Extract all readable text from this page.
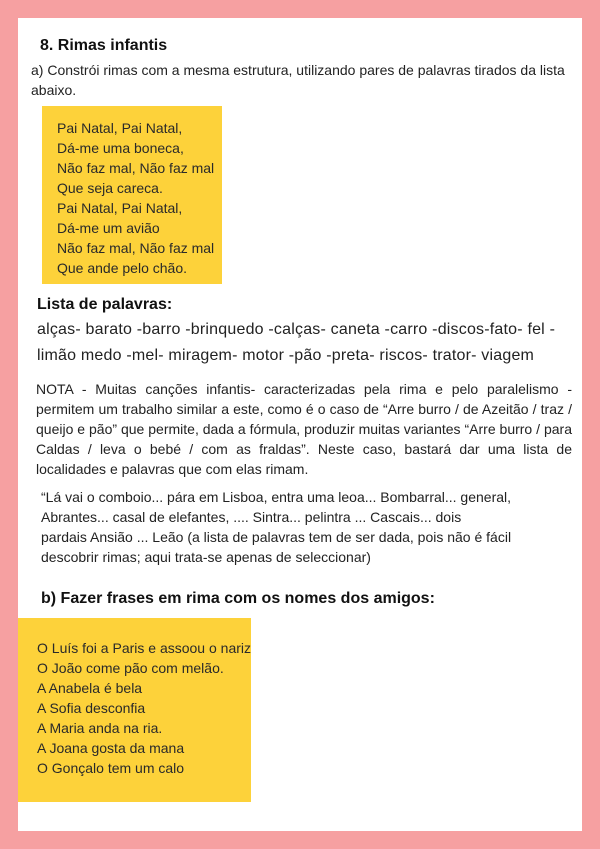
8. Rimas infantis
a) Constrói rimas com a mesma estrutura, utilizando pares de palavras tirados da lista abaixo.
Pai Natal, Pai Natal,
Dá-me uma boneca,
Não faz mal, Não faz mal
Que seja careca.
Pai Natal, Pai Natal,
Dá-me um avião
Não faz mal, Não faz mal
Que ande pelo chão.
Lista de palavras:
alças- barato -barro -brinquedo -calças- caneta -carro -discos-fato- fel -
limão medo -mel- miragem- motor -pão -preta- riscos- trator- viagem
NOTA - Muitas canções infantis- caracterizadas pela rima e pelo paralelismo - permitem um trabalho similar a este, como é o caso de “Arre burro / de Azeitão / traz / queijo e pão” que permite, dada a fórmula, produzir muitas variantes “Arre burro / para Caldas / leva o bebé / com as fraldas”. Neste caso, bastará dar uma lista de localidades e palavras que com elas rimam.
“Lá vai o comboio... pára em Lisboa, entra uma leoa... Bombarral... general,
Abrantes... casal de elefantes, .... Sintra... pelintra ... Cascais... dois
pardais Ansião ... Leão (a lista de palavras tem de ser dada, pois não é fácil
descobrir rimas; aqui trata-se apenas de seleccionar)
b) Fazer frases em rima com os nomes dos amigos:
O Luís foi a Paris e assoou o nariz
O João come pão com melão.
A Anabela é bela
A Sofia desconfia
A Maria anda na ria.
A Joana gosta da mana
O Gonçalo tem um calo
